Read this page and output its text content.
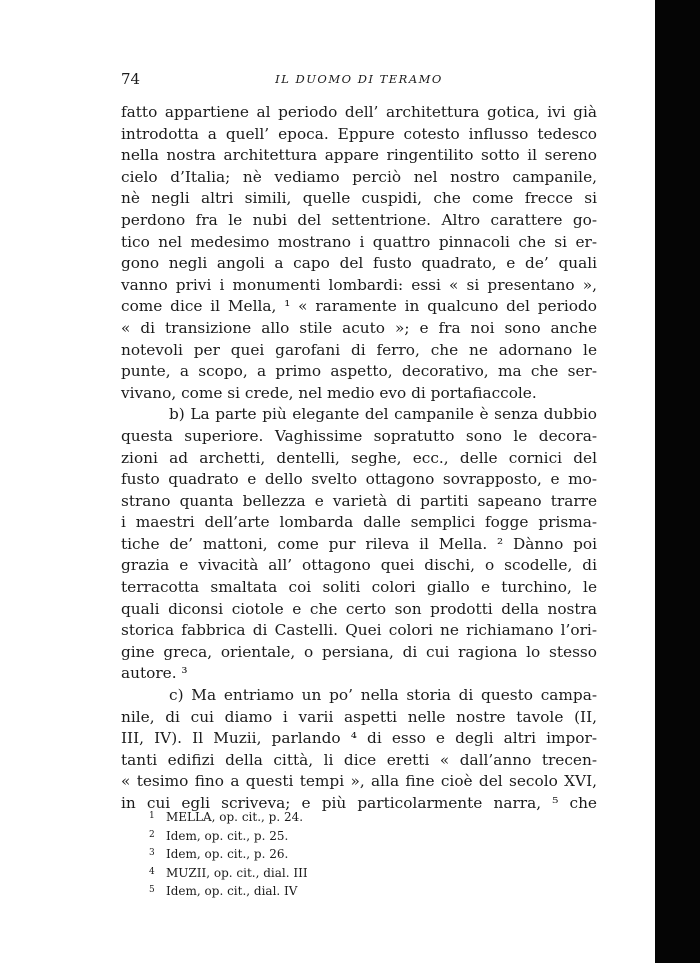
74	IL DUOMO DI TERAMO
fatto appartiene al periodo dell’ architettura gotica, ivi già
introdotta a quell’ epoca. Eppure cotesto influsso tedesco
nella nostra architettura appare ringentilito sotto il sereno
cielo d’Italia; nè vediamo perciò nel nostro campanile,
nè negli altri simili, quelle cuspidi, che come frecce si
perdono fra le nubi del settentrione. Altro carattere go-
tico nel medesimo mostrano i quattro pinnacoli che si er-
gono negli angoli a capo del fusto quadrato, e de’ quali
vanno privi i monumenti lombardi: essi « si presentano »,
come dice il Mella, ¹ « raramente in qualcuno del periodo
« di transizione allo stile acuto »; e fra noi sono anche
notevoli per quei garofani di ferro, che ne adornano le
punte, a scopo, a primo aspetto, decorativo, ma che ser-
vivano, come si crede, nel medio evo di portafiaccole.
b) La parte più elegante del campanile è senza dubbio
questa superiore. Vaghissime sopratutto sono le decora-
zioni ad archetti, dentelli, seghe, ecc., delle cornici del
fusto quadrato e dello svelto ottagono sovrapposto, e mo-
strano quanta bellezza e varietà di partiti sapeano trarre
i maestri dell’arte lombarda dalle semplici fogge prisma-
tiche de’ mattoni, come pur rileva il Mella. ² Dànno poi
grazia e vivacità all’ ottagono quei dischi, o scodelle, di
terracotta smaltata coi soliti colori giallo e turchino, le
quali diconsi ciotole e che certo son prodotti della nostra
storica fabbrica di Castelli. Quei colori ne richiamano l’ori-
gine greca, orientale, o persiana, di cui ragiona lo stesso
autore. ³
c) Ma entriamo un po’ nella storia di questo campa-
nile, di cui diamo i varii aspetti nelle nostre tavole (II,
III, IV). Il Muzii, parlando ⁴ di esso e degli altri impor-
tanti edifizi della città, li dice eretti « dall’anno trecen-
« tesimo fino a questi tempi », alla fine cioè del secolo XVI,
in cui egli scriveva; e più particolarmente narra, ⁵ che
1 MELLA, op. cit., p. 24.
2 Idem, op. cit., p. 25.
3 Idem, op. cit., p. 26.
4 MUZII, op. cit., dial. III
5 Idem, op. cit., dial. IV
